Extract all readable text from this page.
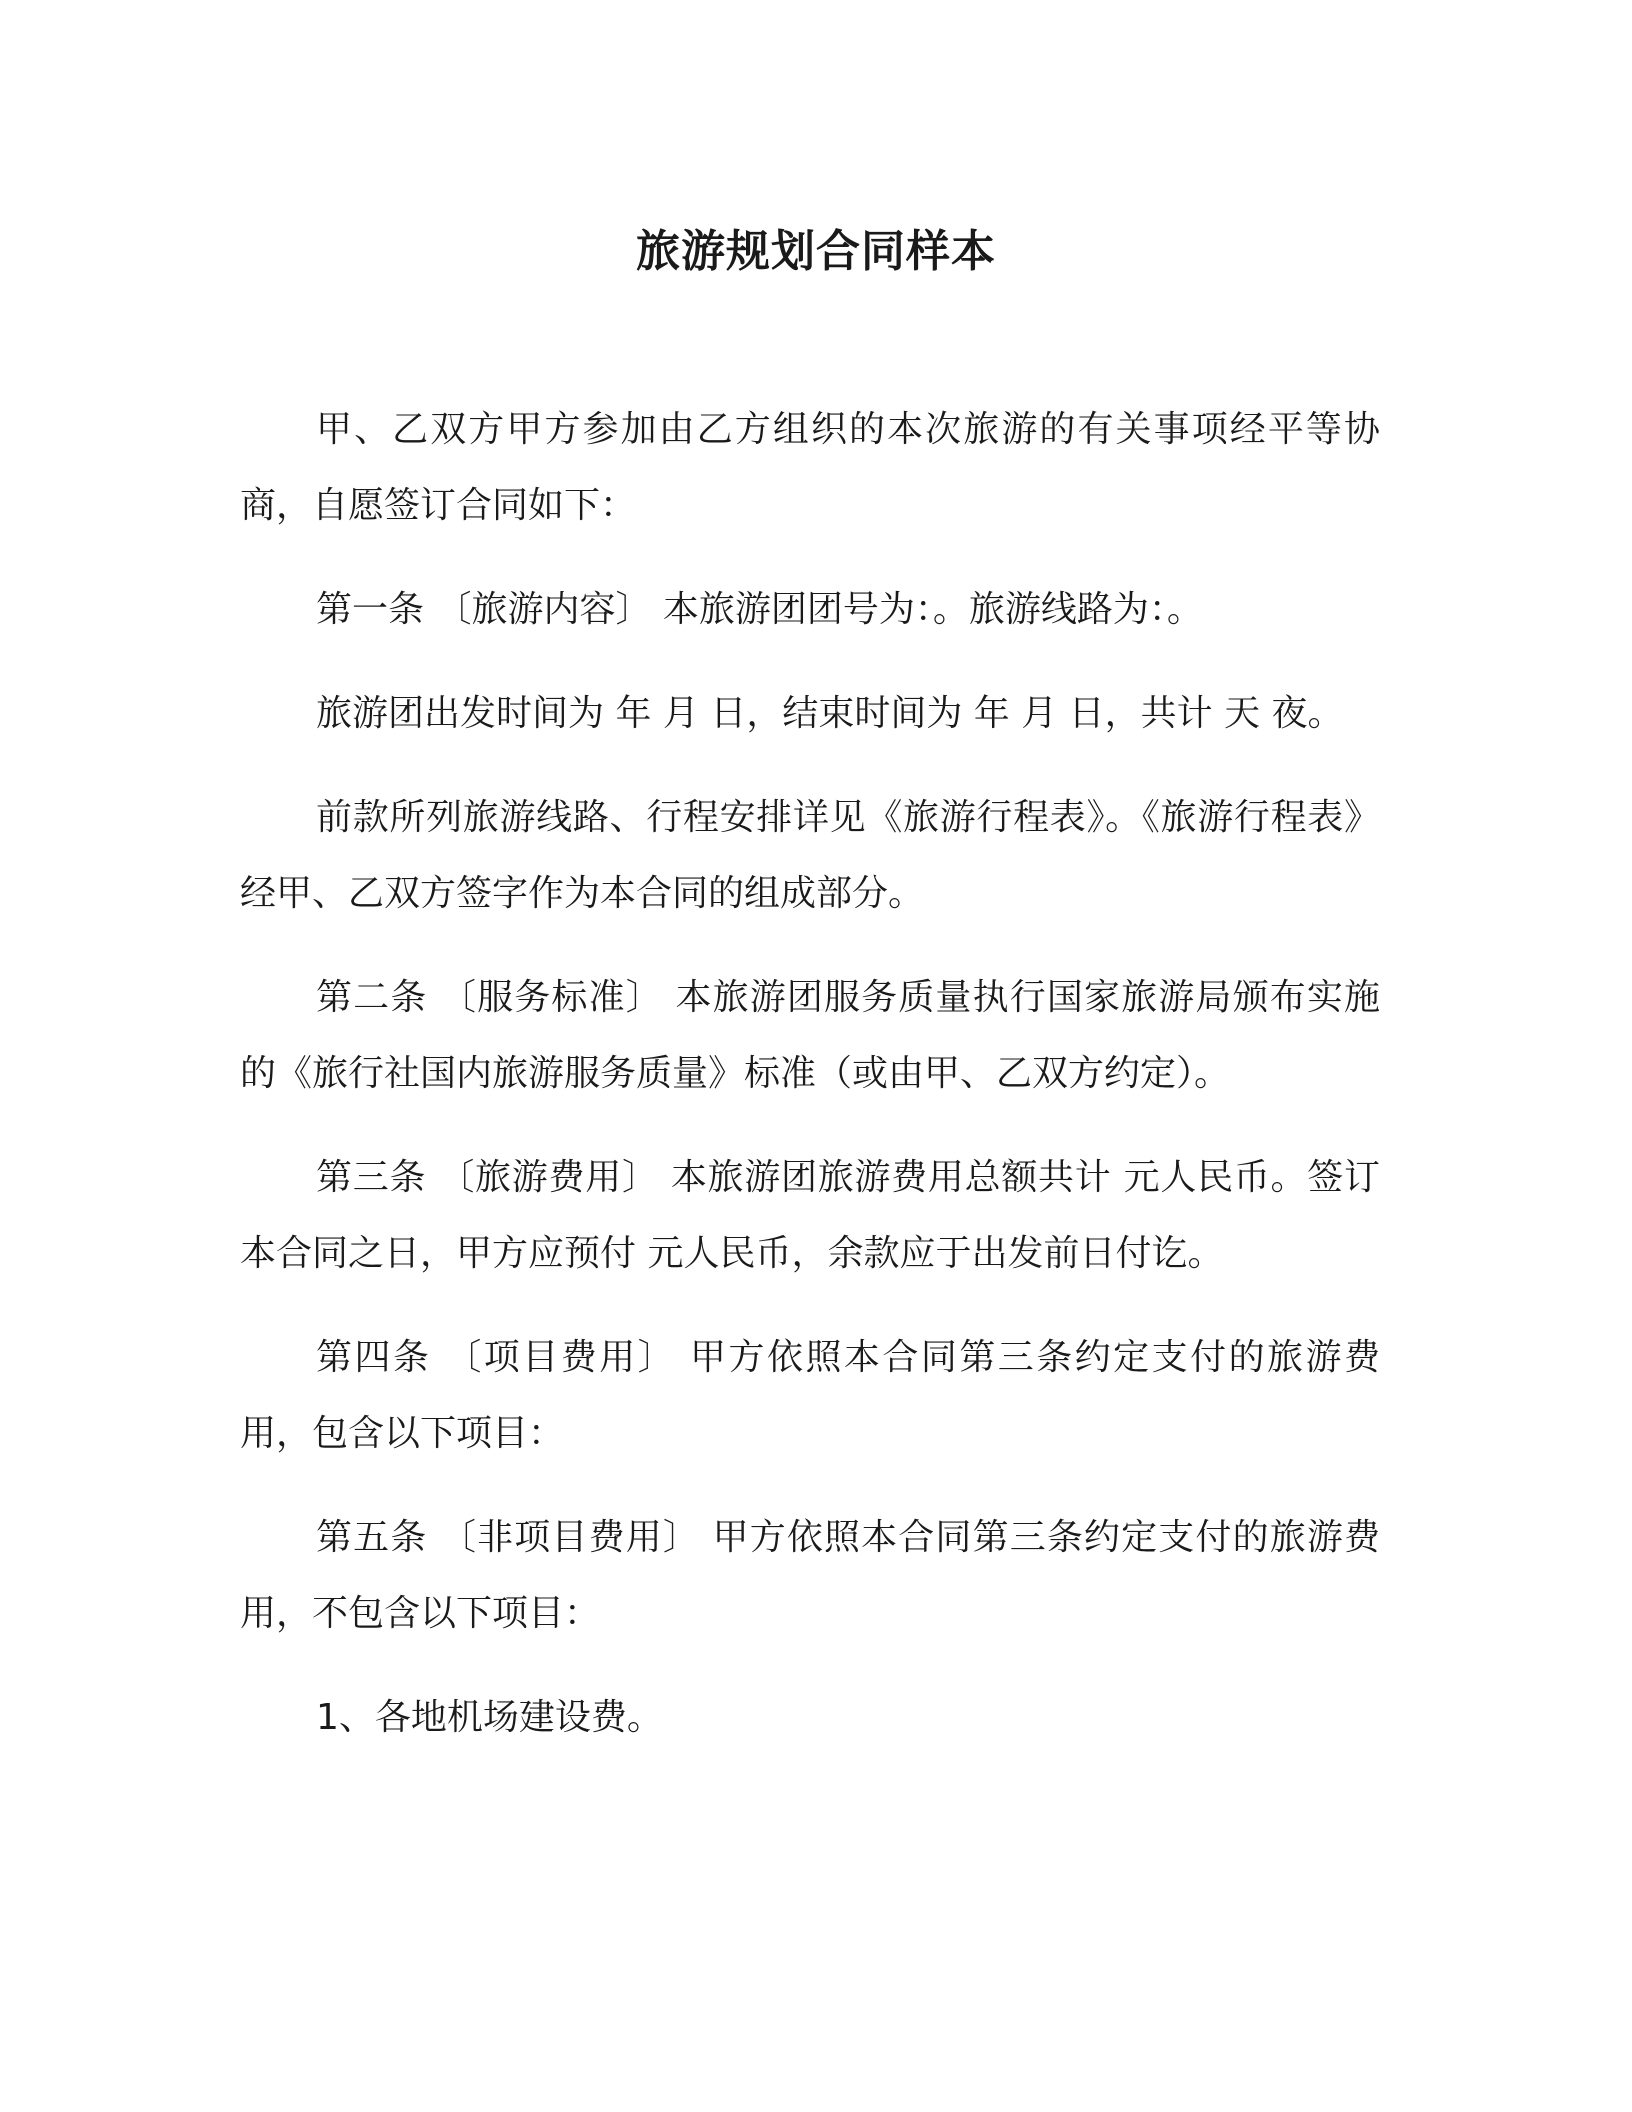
旅游规划合同样本

甲、乙双方甲方参加由乙方组织的本次旅游的有关事项经平等协商，自愿签订合同如下：

第一条 〔旅游内容〕 本旅游团团号为：。旅游线路为：。

旅游团出发时间为 年 月 日，结束时间为 年 月 日，共计 天 夜。

前款所列旅游线路、行程安排详见《旅游行程表》。《旅游行程表》经甲、乙双方签字作为本合同的组成部分。

第二条 〔服务标准〕 本旅游团服务质量执行国家旅游局颁布实施的《旅行社国内旅游服务质量》标准（或由甲、乙双方约定）。

第三条 〔旅游费用〕 本旅游团旅游费用总额共计 元人民币。签订本合同之日，甲方应预付 元人民币，余款应于出发前日付讫。

第四条 〔项目费用〕 甲方依照本合同第三条约定支付的旅游费用，包含以下项目：

第五条 〔非项目费用〕 甲方依照本合同第三条约定支付的旅游费用，不包含以下项目：

1、各地机场建设费。
